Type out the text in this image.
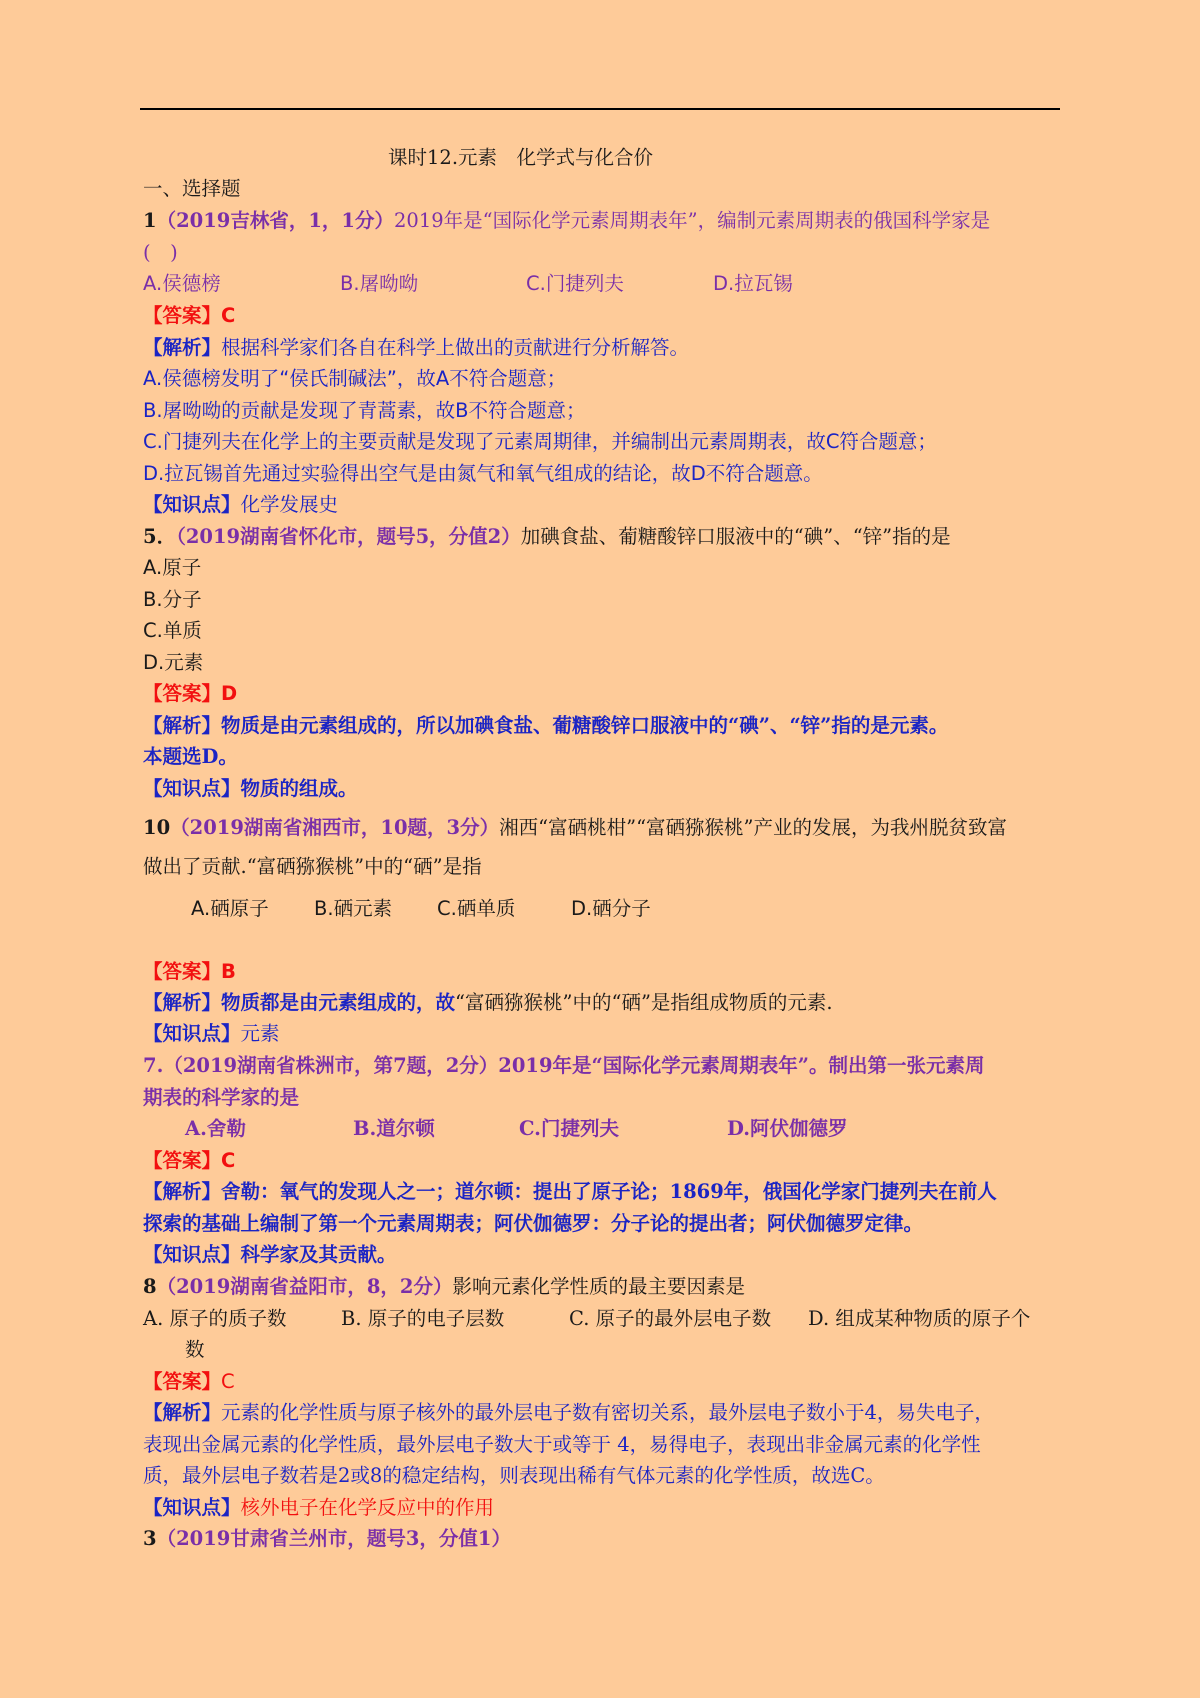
课时12.元素　化学式与化合价
一、选择题
1（2019吉林省，1，1分）2019年是“国际化学元素周期表年”，编制元素周期表的俄国科学家是
(　)
A.侯德榜	B.屠呦呦	C.门捷列夫	D.拉瓦锡
【答案】C
【解析】根据科学家们各自在科学上做出的贡献进行分析解答。
A.侯德榜发明了“侯氏制碱法”，故A不符合题意；
B.屠呦呦的贡献是发现了青蒿素，故B不符合题意；
C.门捷列夫在化学上的主要贡献是发现了元素周期律，并编制出元素周期表，故C符合题意；
D.拉瓦锡首先通过实验得出空气是由氮气和氧气组成的结论，故D不符合题意。
【知识点】化学发展史
5．（2019湖南省怀化市，题号5，分值2）加碘食盐、葡糖酸锌口服液中的“碘”、“锌”指的是
A.原子
B.分子
C.单质
D.元素
【答案】D
【解析】物质是由元素组成的，所以加碘食盐、葡糖酸锌口服液中的“碘”、“锌”指的是元素。
本题选D。
【知识点】物质的组成。
10（2019湖南省湘西市，10题，3分）湘西“富硒桃柑”“富硒猕猴桃”产业的发展，为我州脱贫致富
做出了贡献.“富硒猕猴桃”中的“硒”是指
A.硒原子 B.硒元素 C.硒单质	D.硒分子
【答案】B
【解析】物质都是由元素组成的，故“富硒猕猴桃”中的“硒”是指组成物质的元素.
【知识点】元素
7.（2019湖南省株洲市，第7题，2分）2019年是“国际化学元素周期表年”。制出第一张元素周
期表的科学家的是
A.舍勒	B.道尔顿	C.门捷列夫	D.阿伏伽德罗
【答案】C
【解析】舍勒：氧气的发现人之一；道尔顿：提出了原子论；1869年，俄国化学家门捷列夫在前人
探索的基础上编制了第一个元素周期表；阿伏伽德罗：分子论的提出者；阿伏伽德罗定律。
【知识点】科学家及其贡献。
8（2019湖南省益阳市，8，2分）影响元素化学性质的最主要因素是
A. 原子的质子数	B. 原子的电子层数	C. 原子的最外层电子数 D. 组成某种物质的原子个
数
【答案】C
【解析】元素的化学性质与原子核外的最外层电子数有密切关系，最外层电子数小于4，易失电子，
表现出金属元素的化学性质，最外层电子数大于或等于 4，易得电子，表现出非金属元素的化学性
质，最外层电子数若是2或8的稳定结构，则表现出稀有气体元素的化学性质，故选C。
【知识点】核外电子在化学反应中的作用
3（2019甘肃省兰州市，题号3，分值1）
